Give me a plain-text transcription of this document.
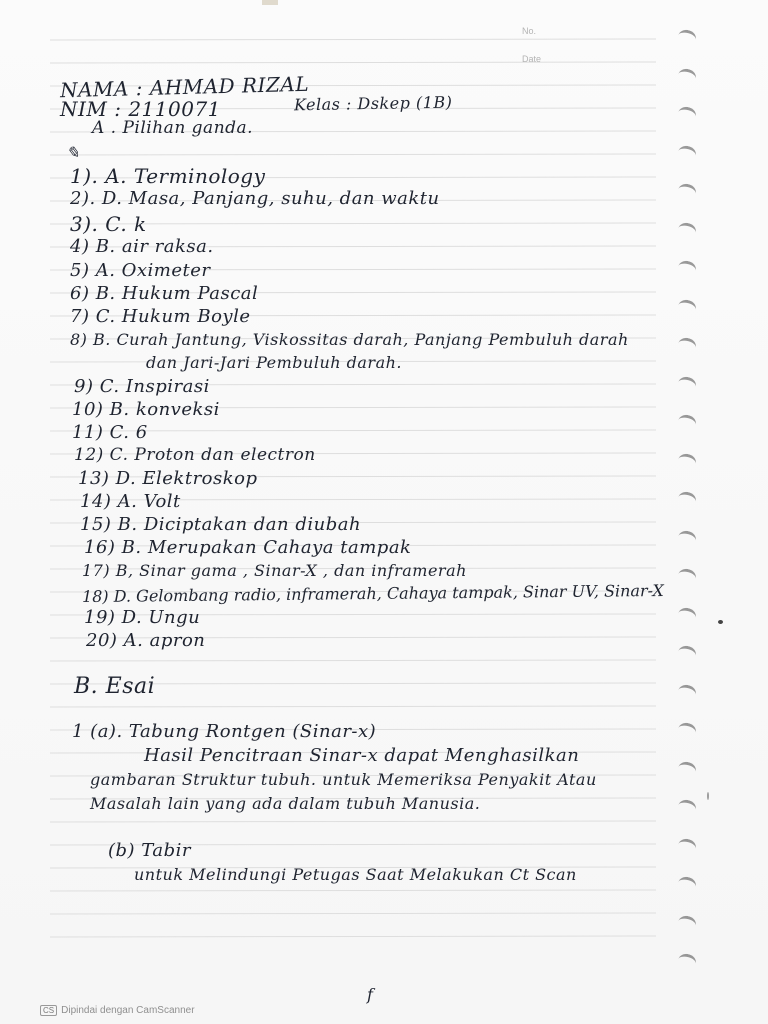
No.
Date
NAMA : AHMAD RIZAL
NIM : 2110071	Kelas : Dskep (1B)
A . Pilihan ganda.
✎
1). A. Terminology
2). D. Masa, Panjang, suhu, dan waktu
3). C. k
4) B. air raksa.
5) A. Oximeter
6) B. Hukum Pascal
7) C. Hukum Boyle
8) B. Curah Jantung, Viskossitas darah, Panjang Pembuluh darah
dan Jari-Jari Pembuluh darah.
9) C. Inspirasi
10) B. konveksi
11) C. 6
12) C. Proton dan electron
13) D. Elektroskop
14) A. Volt
15) B. Diciptakan dan diubah
16) B. Merupakan Cahaya tampak
17) B, Sinar gama , Sinar-X , dan inframerah
18) D. Gelombang radio, inframerah, Cahaya tampak, Sinar UV, Sinar-X
19) D. Ungu
20) A. apron
B. Esai
1 (a). Tabung Rontgen (Sinar-x)
Hasil Pencitraan Sinar-x dapat Menghasilkan
gambaran Struktur tubuh. untuk Memeriksa Penyakit Atau
Masalah lain yang ada dalam tubuh Manusia.
(b) Tabir
untuk Melindungi Petugas Saat Melakukan Ct Scan
f
CS Dipindai dengan CamScanner
